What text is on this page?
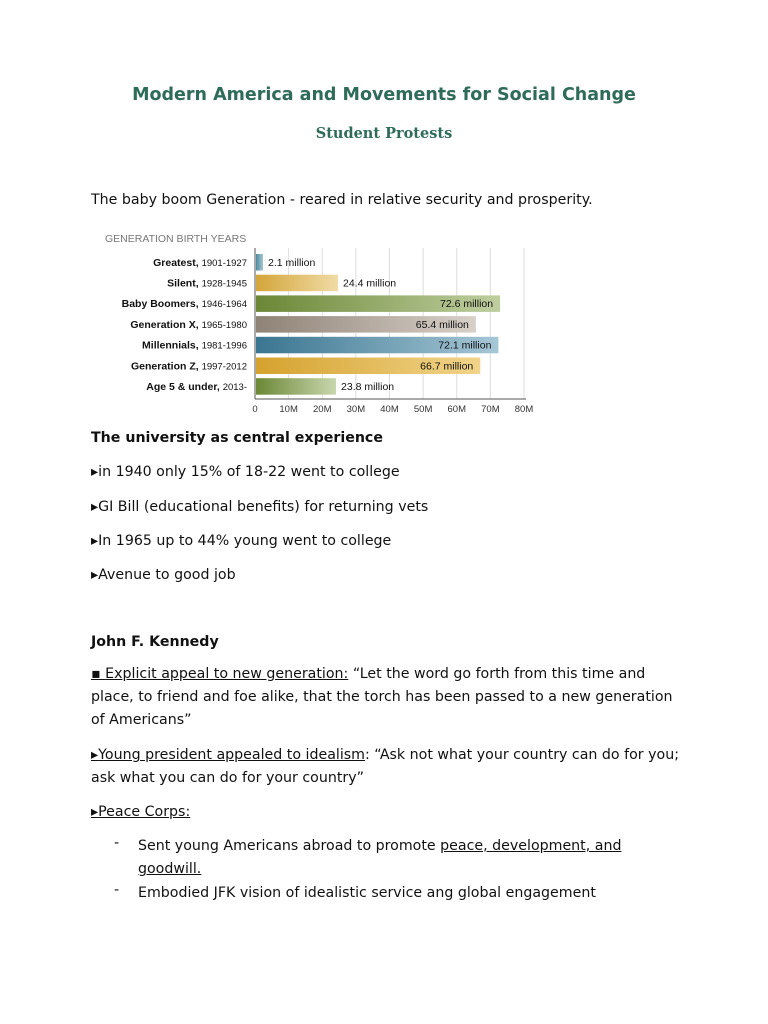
Modern America and Movements for Social Change
Student Protests
The baby boom Generation - reared in relative security and prosperity.
GENERATION BIRTH YEARS
0 10M 20M 30M 40M 50M 60M 70M 80M
Greatest, 1901-1927 2.1 million
Silent, 1928-1945	24.4 million
Baby Boomers, 1946-1964	72.6 million
Generation X, 1965-1980	65.4 million
Millennials, 1981-1996	72.1 million
Generation Z, 1997-2012	66.7 million
Age 5 & under, 2013-	23.8 million
The university as central experience
▸in 1940 only 15% of 18-22 went to college
▸GI Bill (educational benefits) for returning vets
▸In 1965 up to 44% young went to college
▸Avenue to good job
John F. Kennedy
▪ Explicit appeal to new generation: “Let the word go forth from this time and place, to friend and foe alike, that the torch has been passed to a new generation of Americans”
▸Young president appealed to idealism: “Ask not what your country can do for you; ask what you can do for your country”
▸Peace Corps:
- Sent young Americans abroad to promote peace, development, and goodwill.
- Embodied JFK vision of idealistic service ang global engagement
